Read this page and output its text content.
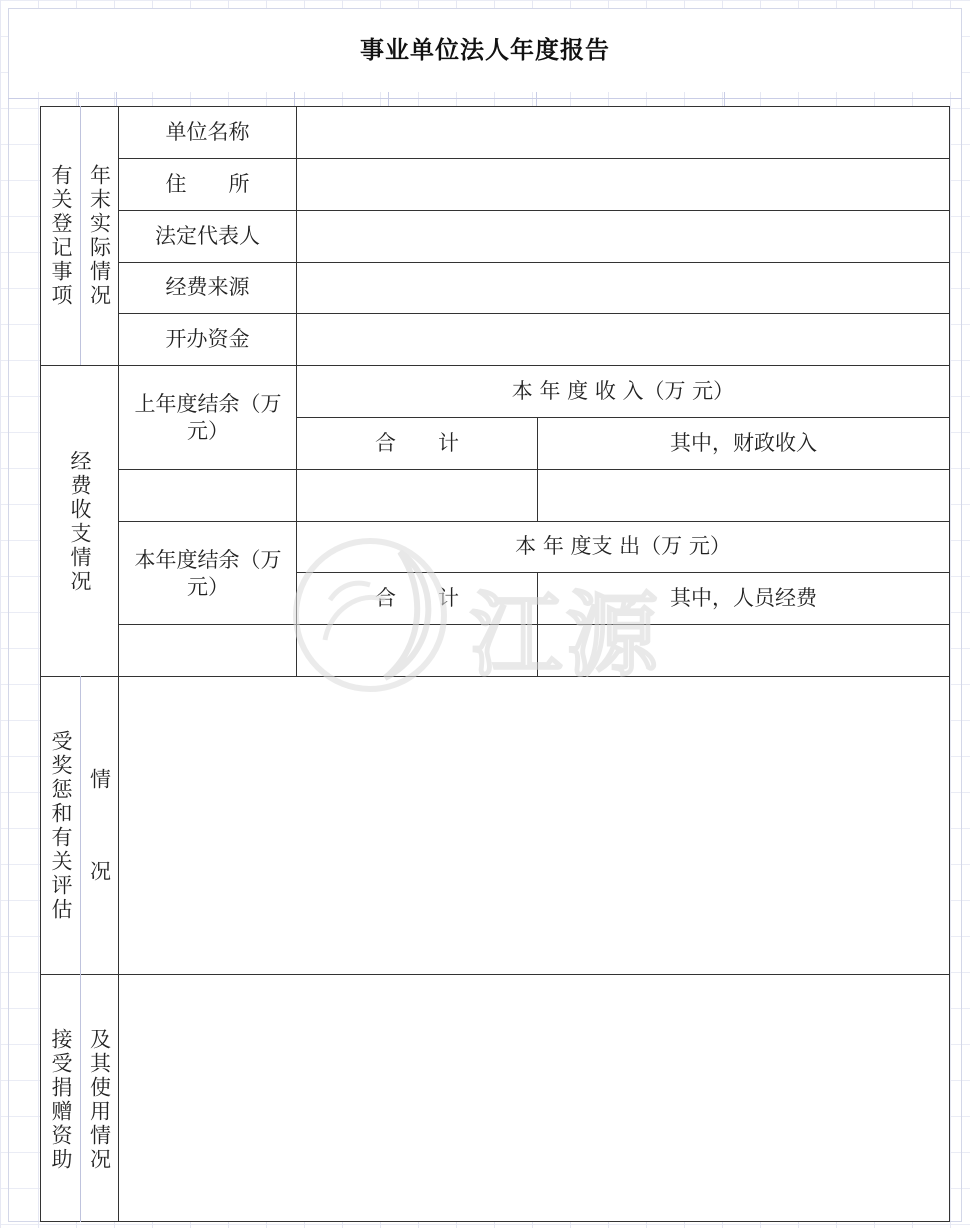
事业单位法人年度报告
有关登记事项 年末实际情况
单位名称
住　　所
法定代表人
经费来源
开办资金
经费收支情况
上年度结余（万元）
本 年 度 收 入（万 元）
合　　计	其中，财政收入
本年度结余（万元）
本 年 度支 出（万 元）
合　　计	其中，人员经费
受奖惩和有关评估 情
况
接受捐赠资助 及其使用情况
